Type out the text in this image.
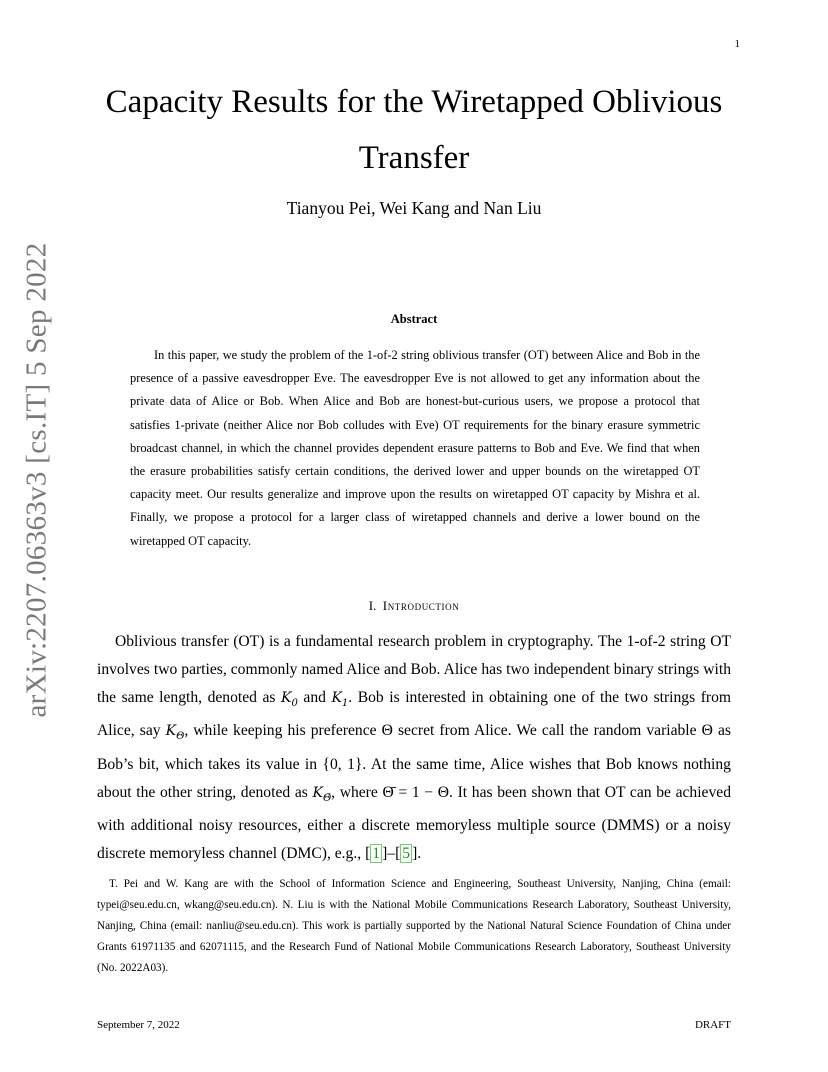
1
arXiv:2207.06363v3 [cs.IT] 5 Sep 2022
Capacity Results for the Wiretapped Oblivious Transfer
Tianyou Pei, Wei Kang and Nan Liu
Abstract
In this paper, we study the problem of the 1-of-2 string oblivious transfer (OT) between Alice and Bob in the presence of a passive eavesdropper Eve. The eavesdropper Eve is not allowed to get any information about the private data of Alice or Bob. When Alice and Bob are honest-but-curious users, we propose a protocol that satisfies 1-private (neither Alice nor Bob colludes with Eve) OT requirements for the binary erasure symmetric broadcast channel, in which the channel provides dependent erasure patterns to Bob and Eve. We find that when the erasure probabilities satisfy certain conditions, the derived lower and upper bounds on the wiretapped OT capacity meet. Our results generalize and improve upon the results on wiretapped OT capacity by Mishra et al. Finally, we propose a protocol for a larger class of wiretapped channels and derive a lower bound on the wiretapped OT capacity.
I. Introduction
Oblivious transfer (OT) is a fundamental research problem in cryptography. The 1-of-2 string OT involves two parties, commonly named Alice and Bob. Alice has two independent binary strings with the same length, denoted as $K_0$ and $K_1$. Bob is interested in obtaining one of the two strings from Alice, say $K_\Theta$, while keeping his preference Θ secret from Alice. We call the random variable Θ as Bob’s bit, which takes its value in {0, 1}. At the same time, Alice wishes that Bob knows nothing about the other string, denoted as $K_{\Thetā}$, where Θ̄ = 1 − Θ. It has been shown that OT can be achieved with additional noisy resources, either a discrete memoryless multiple source (DMMS) or a noisy discrete memoryless channel (DMC), e.g., [ 1 ]–[ 5 ].
T. Pei and W. Kang are with the School of Information Science and Engineering, Southeast University, Nanjing, China (email: typei@seu.edu.cn, wkang@seu.edu.cn). N. Liu is with the National Mobile Communications Research Laboratory, Southeast University, Nanjing, China (email: nanliu@seu.edu.cn). This work is partially supported by the National Natural Science Foundation of China under Grants 61971135 and 62071115, and the Research Fund of National Mobile Communications Research Laboratory, Southeast University (No. 2022A03).
September 7, 2022	DRAFT
